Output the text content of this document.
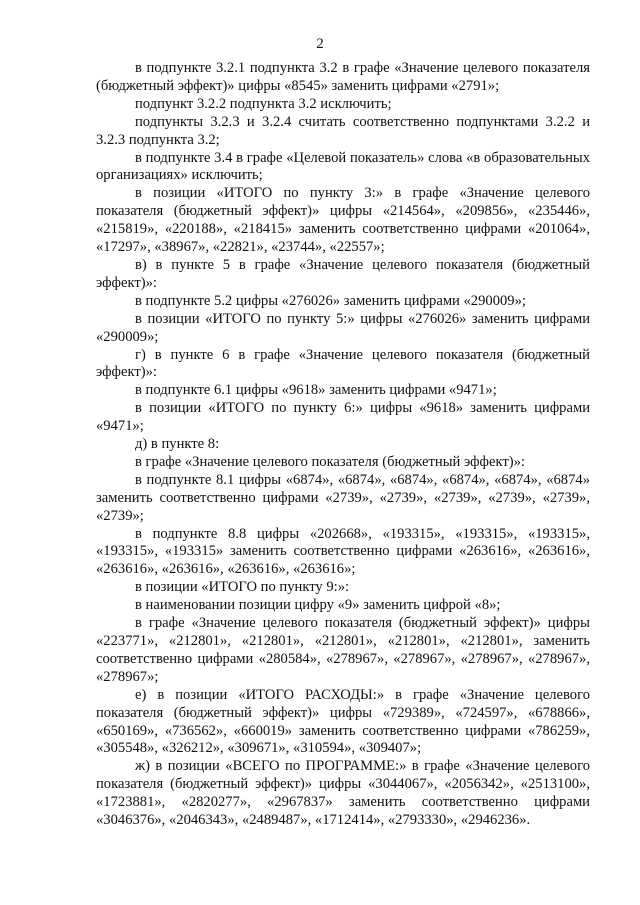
2

в подпункте 3.2.1 подпункта 3.2 в графе «Значение целевого показателя (бюджетный эффект)» цифры «8545» заменить цифрами «2791»;

подпункт 3.2.2 подпункта 3.2 исключить;

подпункты 3.2.3 и 3.2.4 считать соответственно подпунктами 3.2.2 и 3.2.3 подпункта 3.2;

в подпункте 3.4 в графе «Целевой показатель» слова «в образовательных организациях» исключить;

в позиции «ИТОГО по пункту 3:» в графе «Значение целевого показателя (бюджетный эффект)» цифры «214564», «209856», «235446», «215819», «220188», «218415» заменить соответственно цифрами «201064», «17297», «38967», «22821», «23744», «22557»;

в) в пункте 5 в графе «Значение целевого показателя (бюджетный эффект)»:

в подпункте 5.2 цифры «276026» заменить цифрами «290009»;

в позиции «ИТОГО по пункту 5:» цифры «276026» заменить цифрами «290009»;

г) в пункте 6 в графе «Значение целевого показателя (бюджетный эффект)»:

в подпункте 6.1 цифры «9618» заменить цифрами «9471»;

в позиции «ИТОГО по пункту 6:» цифры «9618» заменить цифрами «9471»;

д) в пункте 8:

в графе «Значение целевого показателя (бюджетный эффект)»:

в подпункте 8.1 цифры «6874», «6874», «6874», «6874», «6874», «6874» заменить соответственно цифрами «2739», «2739», «2739», «2739», «2739», «2739»;

в подпункте 8.8 цифры «202668», «193315», «193315», «193315», «193315», «193315» заменить соответственно цифрами «263616», «263616», «263616», «263616», «263616», «263616»;

в позиции «ИТОГО по пункту 9:»:

в наименовании позиции цифру «9» заменить цифрой «8»;

в графе «Значение целевого показателя (бюджетный эффект)» цифры «223771», «212801», «212801», «212801», «212801», «212801», заменить соответственно цифрами «280584», «278967», «278967», «278967», «278967», «278967»;

е) в позиции «ИТОГО РАСХОДЫ:» в графе «Значение целевого показателя (бюджетный эффект)» цифры «729389», «724597», «678866», «650169», «736562», «660019» заменить соответственно цифрами «786259», «305548», «326212», «309671», «310594», «309407»;

ж) в позиции «ВСЕГО по ПРОГРАММЕ:» в графе «Значение целевого показателя (бюджетный эффект)» цифры «3044067», «2056342», «2513100», «1723881», «2820277», «2967837» заменить соответственно цифрами «3046376», «2046343», «2489487», «1712414», «2793330», «2946236».
